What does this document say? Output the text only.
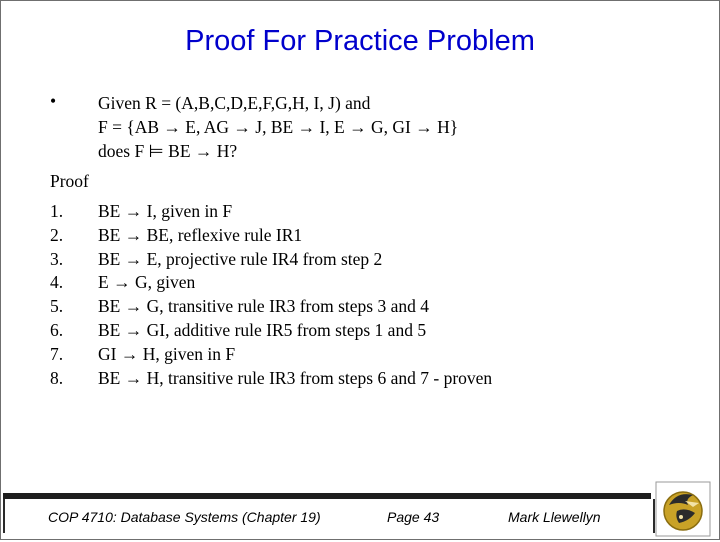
Proof For Practice Problem
• Given R = (A,B,C,D,E,F,G,H, I, J) and
F = {AB → E, AG → J, BE → I, E → G, GI → H}
does F ⊨ BE → H?
Proof
1. BE → I, given in F
2. BE → BE, reflexive rule IR1
3. BE → E, projective rule IR4 from step 2
4. E → G, given
5. BE → G, transitive rule IR3 from steps 3 and 4
6. BE → GI, additive rule IR5 from steps 1 and 5
7. GI → H, given in F
8. BE → H, transitive rule IR3 from steps 6 and 7 - proven
COP 4710: Database Systems (Chapter 19)	Page 43	Mark Llewellyn
